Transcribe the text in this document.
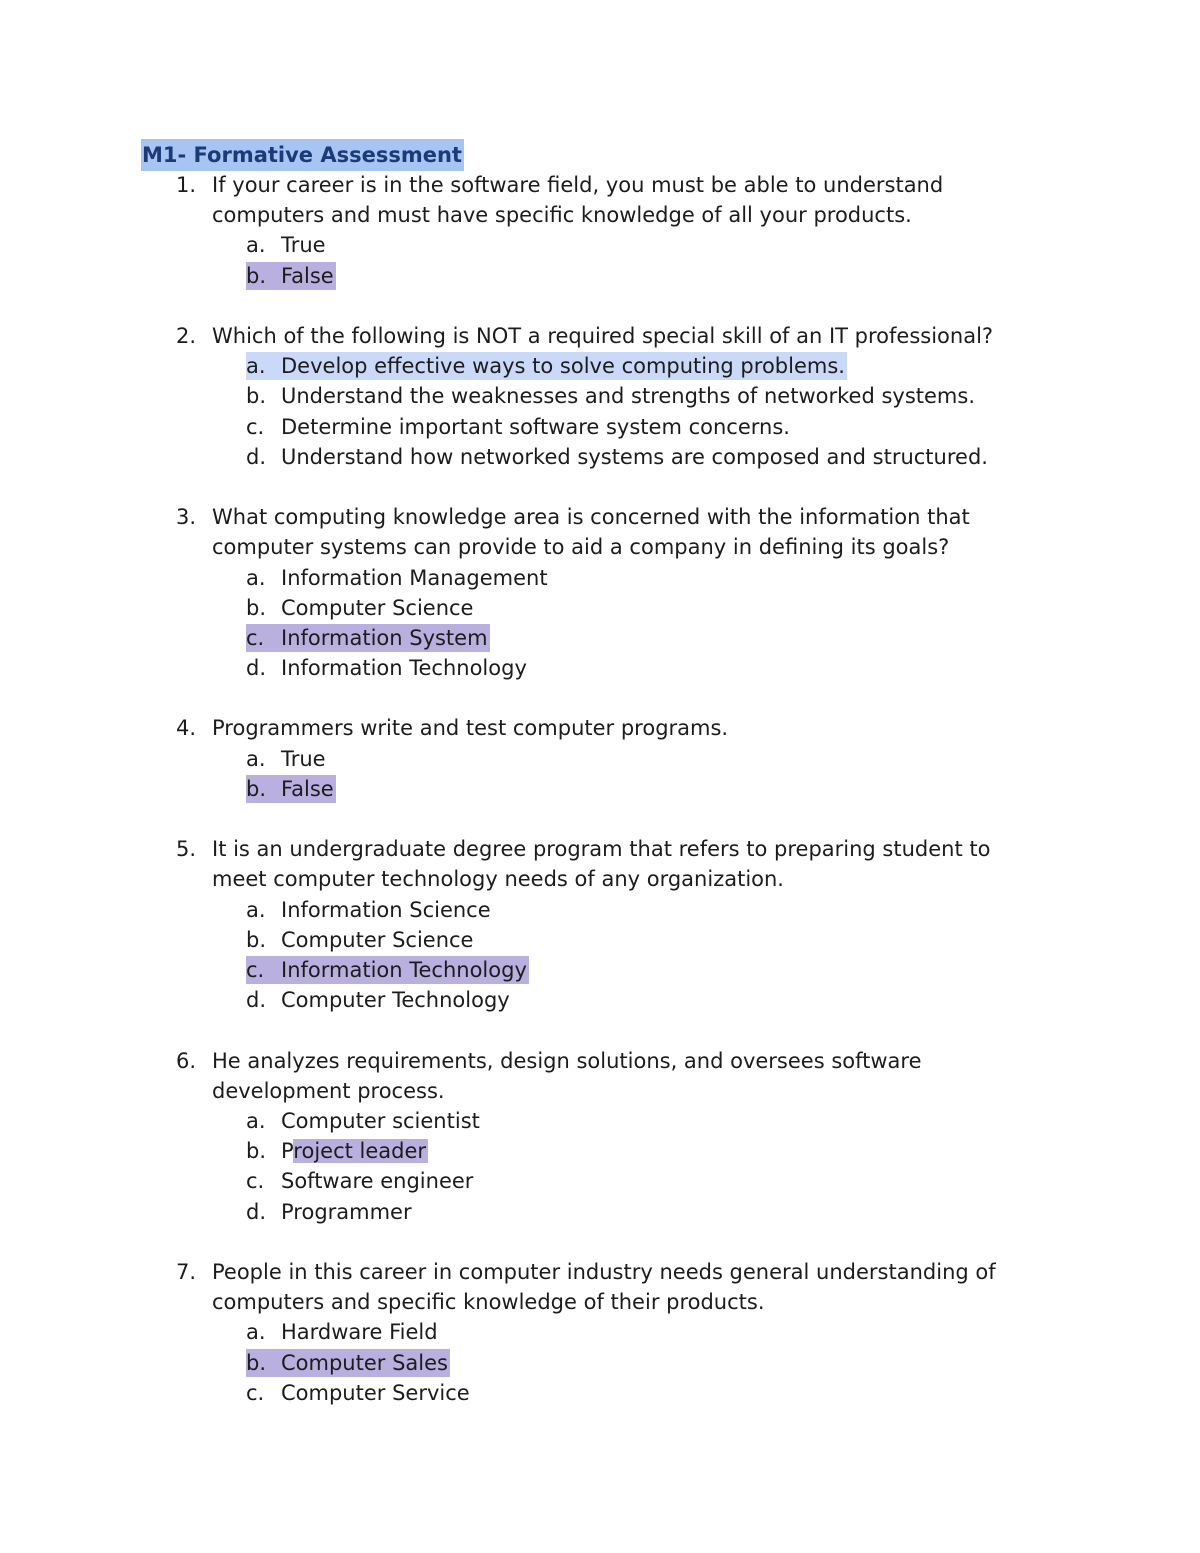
M1- Formative Assessment
1. If your career is in the software field, you must be able to understand computers and must have specific knowledge of all your products.
a. True
b. False
2. Which of the following is NOT a required special skill of an IT professional?
a. Develop effective ways to solve computing problems.
b. Understand the weaknesses and strengths of networked systems.
c. Determine important software system concerns.
d. Understand how networked systems are composed and structured.
3. What computing knowledge area is concerned with the information that computer systems can provide to aid a company in defining its goals?
a. Information Management
b. Computer Science
c. Information System
d. Information Technology
4. Programmers write and test computer programs.
a. True
b. False
5. It is an undergraduate degree program that refers to preparing student to meet computer technology needs of any organization.
a. Information Science
b. Computer Science
c. Information Technology
d. Computer Technology
6. He analyzes requirements, design solutions, and oversees software development process.
a. Computer scientist
b. Project leader
c. Software engineer
d. Programmer
7. People in this career in computer industry needs general understanding of computers and specific knowledge of their products.
a. Hardware Field
b. Computer Sales
c. Computer Service
